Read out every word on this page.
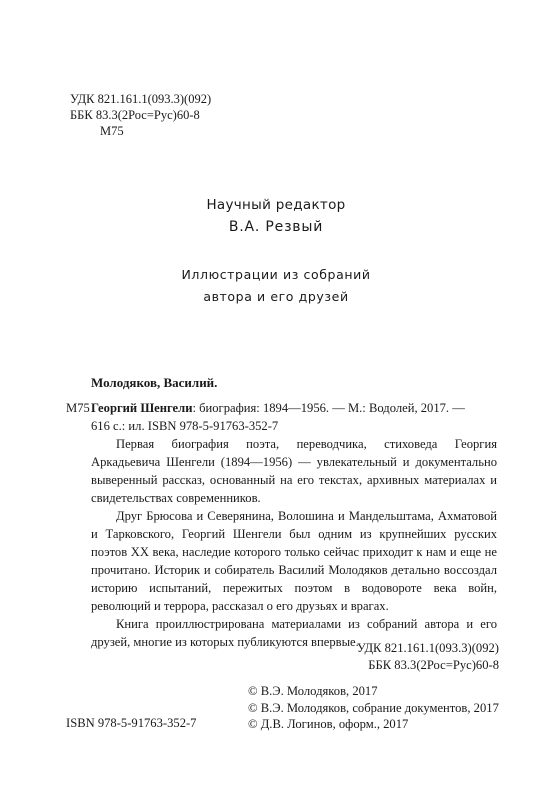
УДК 821.161.1(093.3)(092)
ББК 83.3(2Рос=Рус)60-8
М75
Научный редактор
В.А. Резвый
Иллюстрации из собраний
автора и его друзей
Молодяков, Василий.
М75 Георгий Шенгели: биография: 1894—1956. — М.: Водолей, 2017. —
616 с.: ил. ISBN 978-5-91763-352-7

Первая биография поэта, переводчика, стиховеда Георгия Аркадьевича Шенгели (1894—1956) — увлекательный и документально выверенный рассказ, основанный на его текстах, архивных материалах и свидетельствах современников.

Друг Брюсова и Северянина, Волошина и Мандельштама, Ахматовой и Тарковского, Георгий Шенгели был одним из крупнейших русских поэтов XX века, наследие которого только сейчас приходит к нам и еще не прочитано. Историк и собиратель Василий Молодяков детально воссоздал историю испытаний, пережитых поэтом в водовороте века войн, революций и террора, рассказал о его друзьях и врагах.

Книга проиллюстрирована материалами из собраний автора и его друзей, многие из которых публикуются впервые.

УДК 821.161.1(093.3)(092)
ББК 83.3(2Рос=Рус)60-8
© В.Э. Молодяков, 2017
© В.Э. Молодяков, собрание документов, 2017
© Д.В. Логинов, оформ., 2017
ISBN 978-5-91763-352-7
